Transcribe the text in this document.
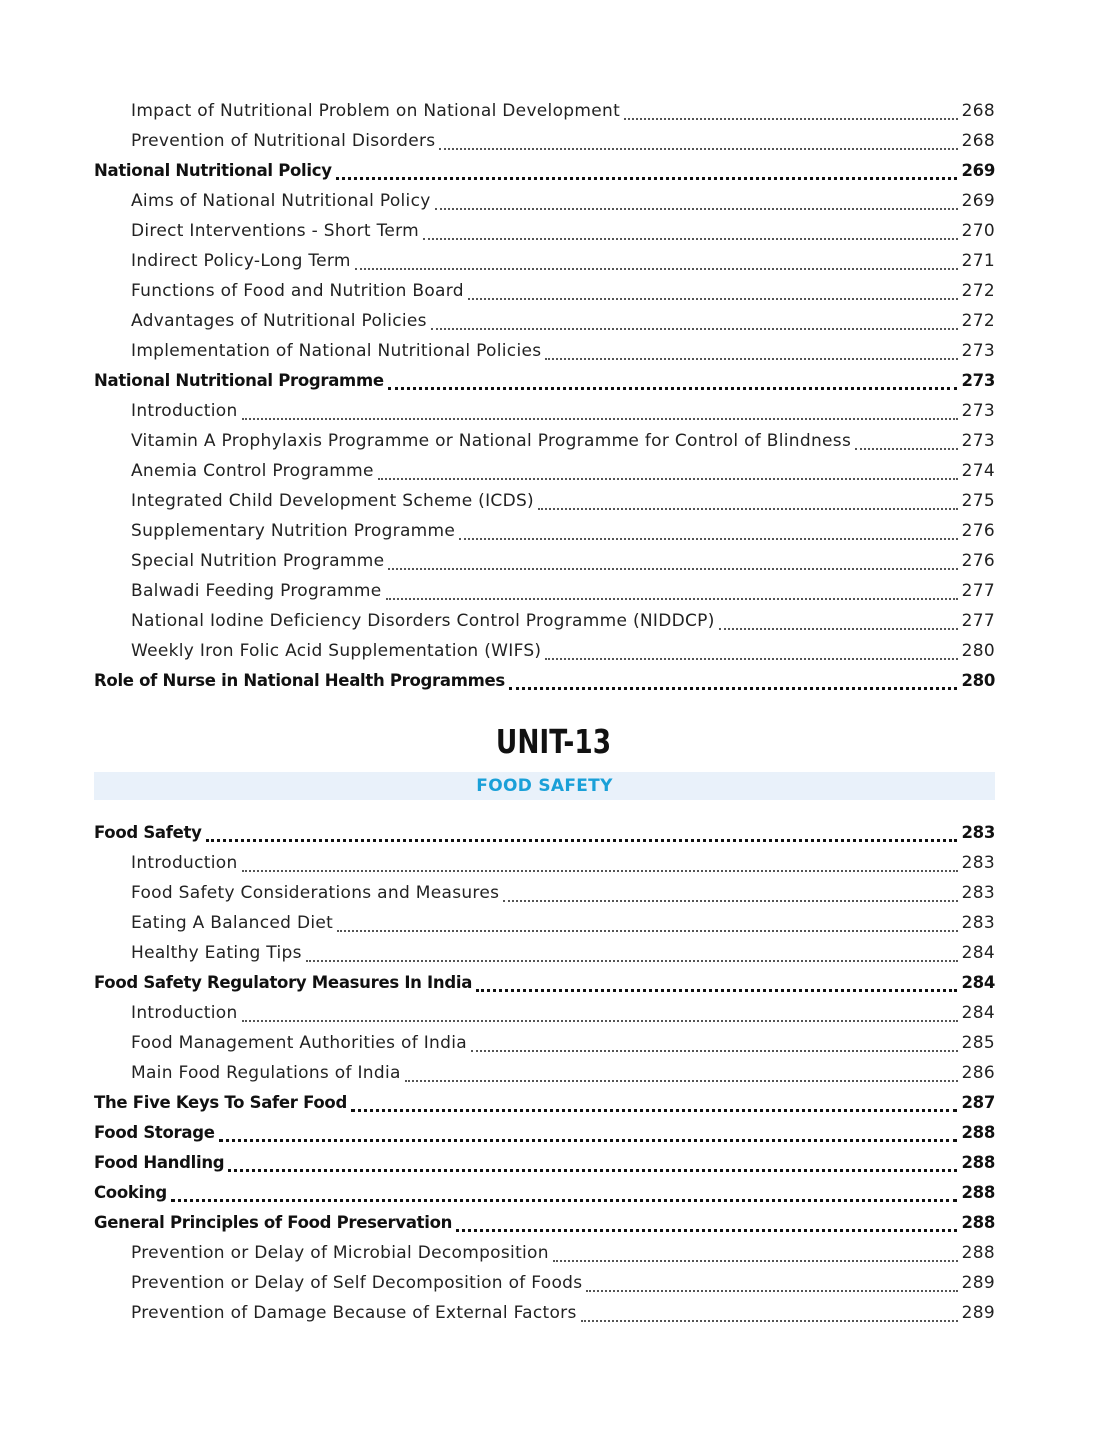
Impact of Nutritional Problem on National Development	268
Prevention of Nutritional Disorders	268
National Nutritional Policy	269
Aims of National Nutritional Policy	269
Direct Interventions - Short Term	270
Indirect Policy-Long Term	271
Functions of Food and Nutrition Board	272
Advantages of Nutritional Policies	272
Implementation of National Nutritional Policies	273
National Nutritional Programme	273
Introduction	273
Vitamin A Prophylaxis Programme or National Programme for Control of Blindness	273
Anemia Control Programme	274
Integrated Child Development Scheme (ICDS)	275
Supplementary Nutrition Programme	276
Special Nutrition Programme	276
Balwadi Feeding Programme	277
National Iodine Deficiency Disorders Control Programme (NIDDCP)	277
Weekly Iron Folic Acid Supplementation (WIFS)	280
Role of Nurse in National Health Programmes	280
UNIT-13
FOOD SAFETY
Food Safety	283
Introduction	283
Food Safety Considerations and Measures	283
Eating A Balanced Diet	283
Healthy Eating Tips	284
Food Safety Regulatory Measures In India	284
Introduction	284
Food Management Authorities of India	285
Main Food Regulations of India	286
The Five Keys To Safer Food	287
Food Storage	288
Food Handling	288
Cooking	288
General Principles of Food Preservation	288
Prevention or Delay of Microbial Decomposition	288
Prevention or Delay of Self Decomposition of Foods	289
Prevention of Damage Because of External Factors	289
